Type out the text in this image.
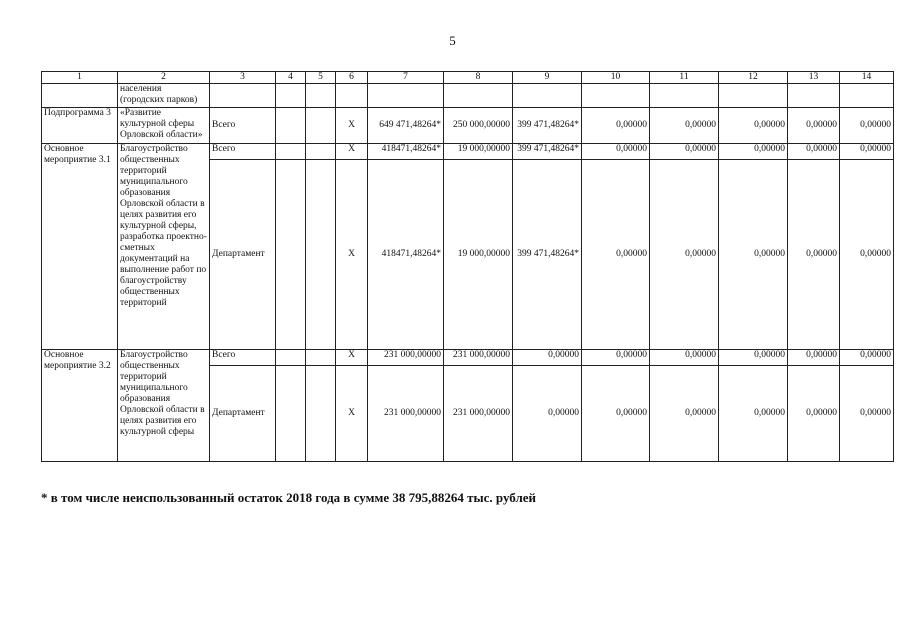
5
1	2	3	4	5	6	7	8	9	10	11	12	13	14
	населения (городских парков)												
Подпрограмма 3	«Развитие культурной сферы Орловской области»	Всего			X	649 471,48264*	250 000,00000	399 471,48264*	0,00000	0,00000	0,00000	0,00000	0,00000
Основное мероприятие 3.1	Благоустройство общественных территорий муниципального образования Орловской области в целях развития его культурной сферы, разработка проектно-сметных документаций на выполнение работ по благоустройству общественных территорий	Всего			X	418471,48264*	19 000,00000	399 471,48264*	0,00000	0,00000	0,00000	0,00000	0,00000
		Департамент			X	418471,48264*	19 000,00000	399 471,48264*	0,00000	0,00000	0,00000	0,00000	0,00000
Основное мероприятие 3.2	Благоустройство общественных территорий муниципального образования Орловской области в целях развития его культурной сферы	Всего			X	231 000,00000	231 000,00000	0,00000	0,00000	0,00000	0,00000	0,00000	0,00000
		Департамент			X	231 000,00000	231 000,00000	0,00000	0,00000	0,00000	0,00000	0,00000	0,00000
* в том числе неиспользованный остаток 2018 года в сумме 38 795,88264 тыс. рублей
